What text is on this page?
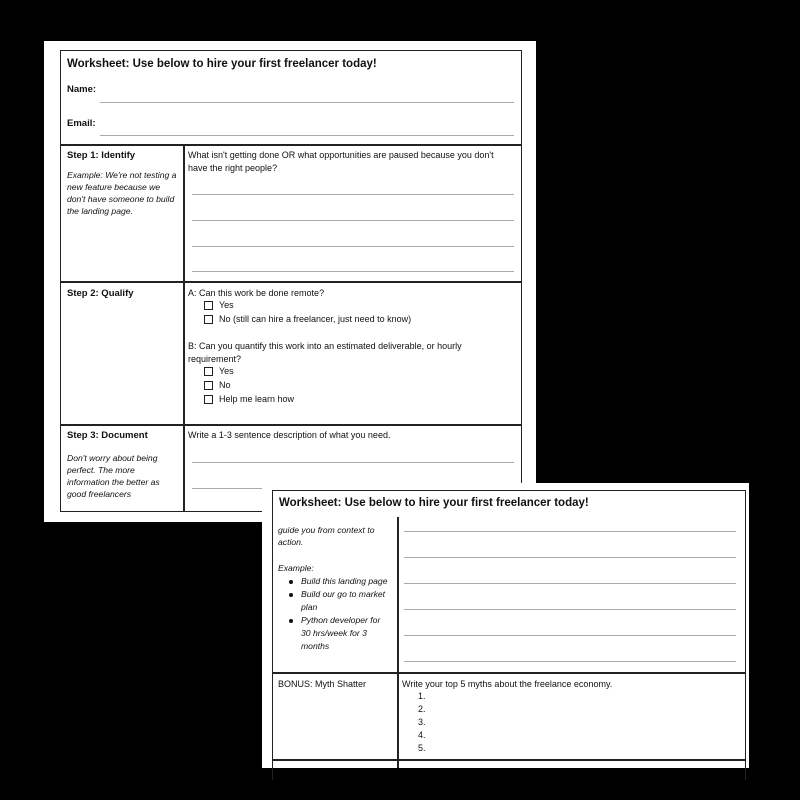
Worksheet: Use below to hire your first freelancer today!
Name:
Email:
Step 1: Identify
Example: We're not testing a new feature because we don't have someone to build the landing page.
What isn't getting done OR what opportunities are paused because you don't have the right people?
Step 2: Qualify	A: Can this work be done remote?
Yes
No (still can hire a freelancer, just need to know)
B: Can you quantify this work into an estimated deliverable, or hourly requirement?
Yes
No
Help me learn how
Step 3: Document
Don't worry about being perfect. The more information the better as good freelancers
Write a 1-3 sentence description of what you need.
Worksheet: Use below to hire your first freelancer today!
guide you from context to action.
Example:
Build this landing page
Build our go to market plan
Python developer for 30 hrs/week for 3 months
BONUS: Myth Shatter	Write your top 5 myths about the freelance economy.
1.
2.
3.
4.
5.
